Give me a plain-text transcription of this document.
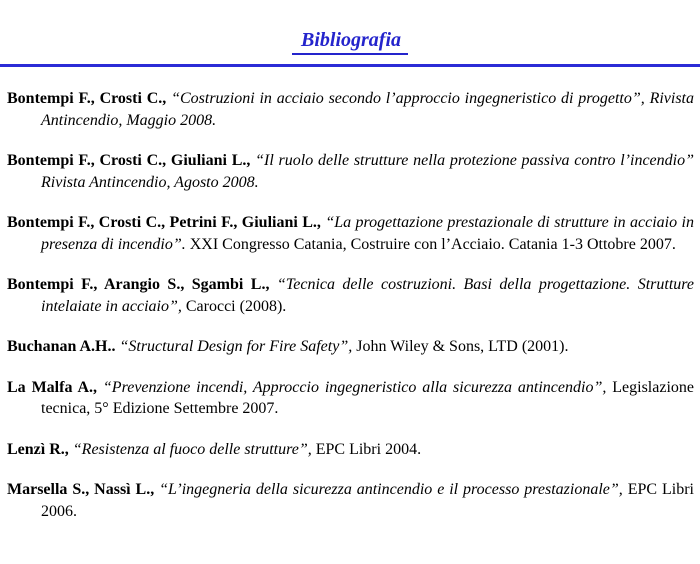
Bibliografia

Bontempi F., Crosti C., “Costruzioni in acciaio secondo l’approccio ingegneristico di progetto”, Rivista Antincendio, Maggio 2008.

Bontempi F., Crosti C., Giuliani L., “Il ruolo delle strutture nella protezione passiva contro l’incendio” Rivista Antincendio, Agosto 2008.

Bontempi F., Crosti C., Petrini F., Giuliani L., “La progettazione prestazionale di strutture in acciaio in presenza di incendio”. XXI Congresso Catania, Costruire con l’Acciaio. Catania 1-3 Ottobre 2007.

Bontempi F., Arangio S., Sgambi L., “Tecnica delle costruzioni. Basi della progettazione. Strutture intelaiate in acciaio”, Carocci (2008).

Buchanan A.H.. “Structural Design for Fire Safety”, John Wiley & Sons, LTD (2001).

La Malfa A., “Prevenzione incendi, Approccio ingegneristico alla sicurezza antincendio”, Legislazione tecnica, 5° Edizione Settembre 2007.

Lenzì R., “Resistenza al fuoco delle strutture”, EPC Libri 2004.

Marsella S., Nassì L., “L’ingegneria della sicurezza antincendio e il processo prestazionale”, EPC Libri 2006.
